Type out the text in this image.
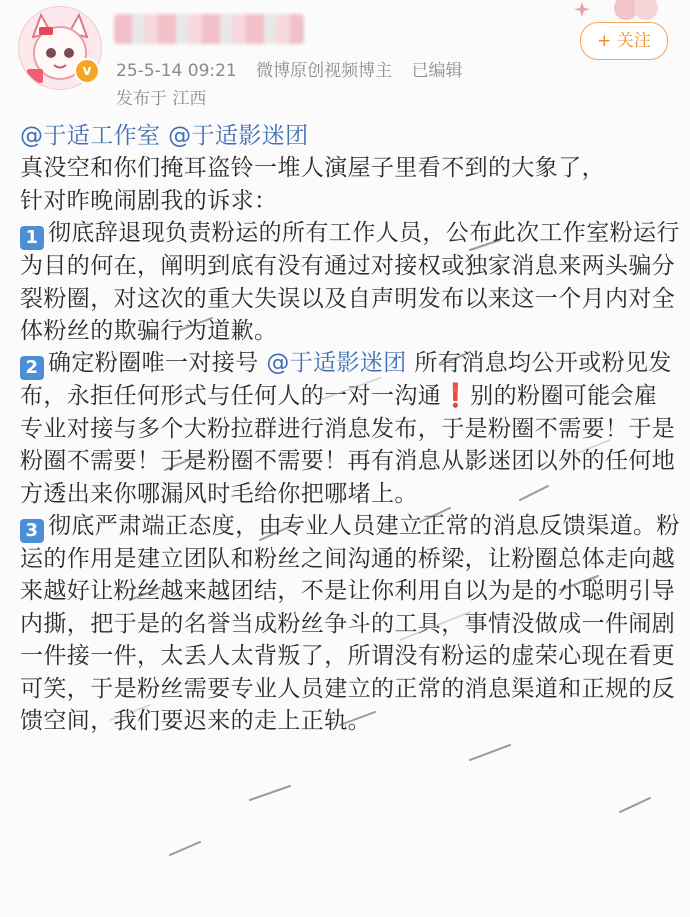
v	25-5-14 09:21 微博原创视频博主 已编辑
发布于 江西
+ 关注

@于适工作室 @于适影迷团

真没空和你们掩耳盗铃一堆人演屋子里看不到的大象了，

针对昨晚闹剧我的诉求：

1 彻底辞退现负责粉运的所有工作人员，公布此次工作室粉运行为目的何在，阐明到底有没有通过对接权或独家消息来两头骗分裂粉圈，对这次的重大失误以及自声明发布以来这一个月内对全体粉丝的欺骗行为道歉。

2 确定粉圈唯一对接号 @于适影迷团 所有消息均公开或粉见发布，永拒任何形式与任何人的一对一沟通❗别的粉圈可能会雇专业对接与多个大粉拉群进行消息发布，于是粉圈不需要！于是粉圈不需要！于是粉圈不需要！再有消息从影迷团以外的任何地方透出来你哪漏风时毛给你把哪堵上。

3 彻底严肃端正态度，由专业人员建立正常的消息反馈渠道。粉运的作用是建立团队和粉丝之间沟通的桥梁，让粉圈总体走向越来越好让粉丝越来越团结，不是让你利用自以为是的小聪明引导内撕，把于是的名誉当成粉丝争斗的工具，事情没做成一件闹剧一件接一件，太丢人太背叛了，所谓没有粉运的虚荣心现在看更可笑，于是粉丝需要专业人员建立的正常的消息渠道和正规的反馈空间，我们要迟来的走上正轨。
